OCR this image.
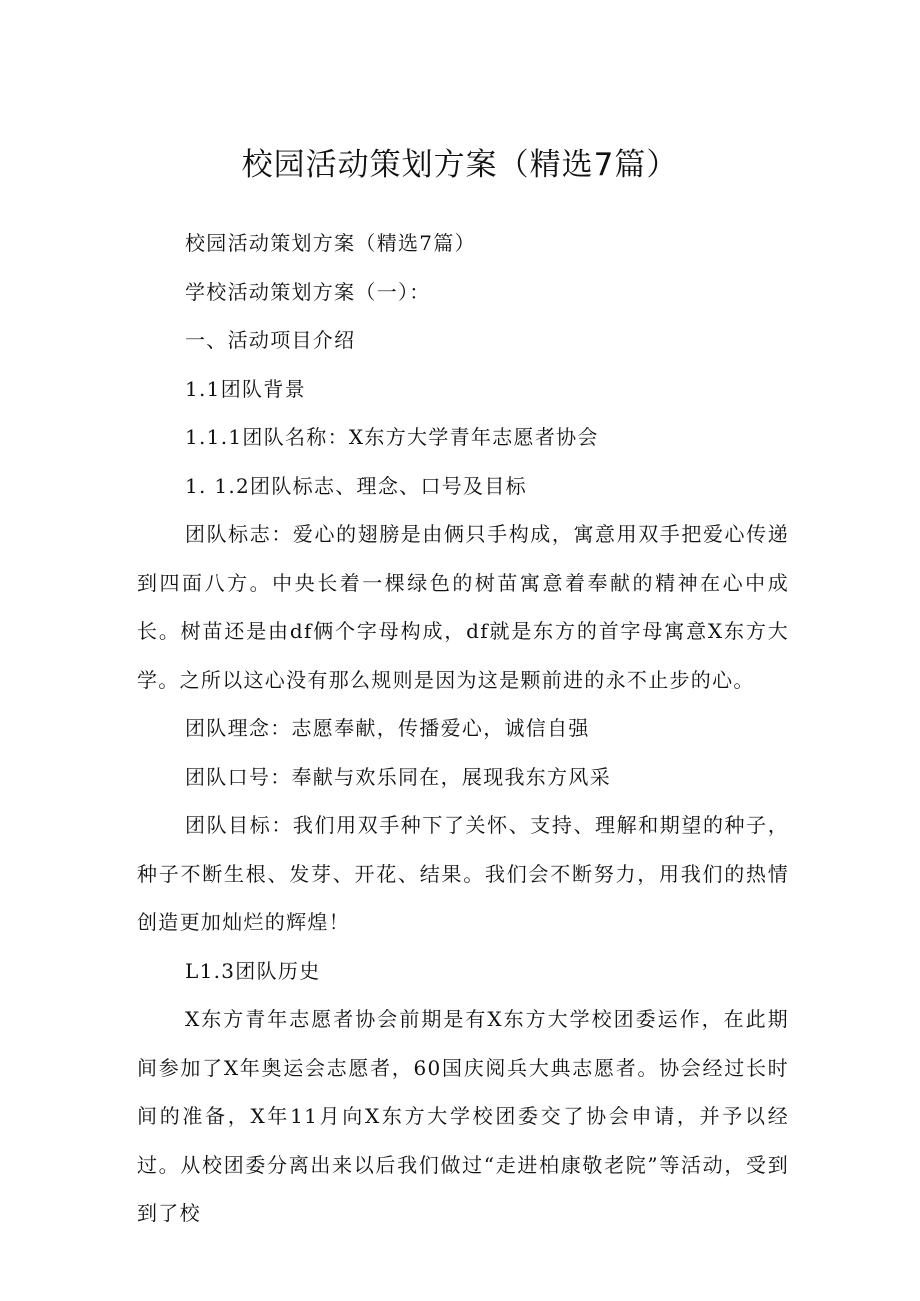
校园活动策划方案（精选7篇）

校园活动策划方案（精选7篇）

学校活动策划方案（一）：

一、活动项目介绍

1.1团队背景

1.1.1团队名称：X东方大学青年志愿者协会

1. 1.2团队标志、理念、口号及目标

团队标志：爱心的翅膀是由俩只手构成，寓意用双手把爱心传递到四面八方。中央长着一棵绿色的树苗寓意着奉献的精神在心中成长。树苗还是由df俩个字母构成，df就是东方的首字母寓意X东方大学。之所以这心没有那么规则是因为这是颗前进的永不止步的心。

团队理念：志愿奉献，传播爱心，诚信自强

团队口号：奉献与欢乐同在，展现我东方风采

团队目标：我们用双手种下了关怀、支持、理解和期望的种子，种子不断生根、发芽、开花、结果。我们会不断努力，用我们的热情创造更加灿烂的辉煌！

L1.3团队历史

X东方青年志愿者协会前期是有X东方大学校团委运作，在此期间参加了X年奥运会志愿者，60国庆阅兵大典志愿者。协会经过长时间的准备，X年11月向X东方大学校团委交了协会申请，并予以经过。从校团委分离出来以后我们做过“走进柏康敬老院”等活动，受到到了校
